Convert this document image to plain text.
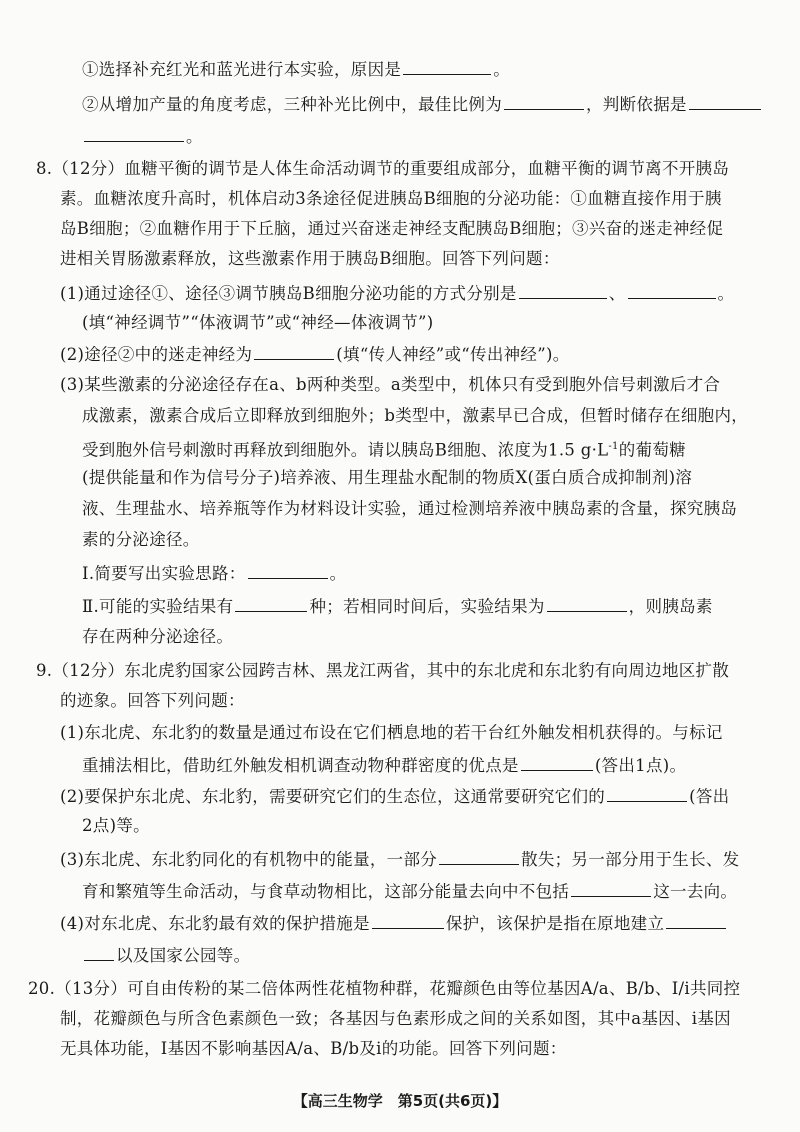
①选择补充红光和蓝光进行本实验，原因是	。
②从增加产量的角度考虑，三种补光比例中，最佳比例为	，判断依据是
。
8.（12分）血糖平衡的调节是人体生命活动调节的重要组成部分，血糖平衡的调节离不开胰岛
素。血糖浓度升高时，机体启动3条途径促进胰岛B细胞的分泌功能：①血糖直接作用于胰
岛B细胞；②血糖作用于下丘脑，通过兴奋迷走神经支配胰岛B细胞；③兴奋的迷走神经促
进相关胃肠激素释放，这些激素作用于胰岛B细胞。回答下列问题：
(1)通过途径①、途径③调节胰岛B细胞分泌功能的方式分别是	、	。
(填“神经调节”“体液调节”或“神经—体液调节”)
(2)途径②中的迷走神经为	(填“传人神经”或“传出神经”)。
(3)某些激素的分泌途径存在a、b两种类型。a类型中，机体只有受到胞外信号刺激后才合
成激素，激素合成后立即释放到细胞外；b类型中，激素早已合成，但暂时储存在细胞内，
受到胞外信号刺激时再释放到细胞外。请以胰岛B细胞、浓度为1.5 $g\cdot L^{-1}$的葡萄糖
(提供能量和作为信号分子)培养液、用生理盐水配制的物质X(蛋白质合成抑制剂)溶
液、生理盐水、培养瓶等作为材料设计实验，通过检测培养液中胰岛素的含量，探究胰岛
素的分泌途径。
Ⅰ.简要写出实验思路：	。
Ⅱ.可能的实验结果有	种；若相同时间后，实验结果为	，则胰岛素
存在两种分泌途径。
9.（12分）东北虎豹国家公园跨吉林、黑龙江两省，其中的东北虎和东北豹有向周边地区扩散
的迹象。回答下列问题：
(1)东北虎、东北豹的数量是通过布设在它们栖息地的若干台红外触发相机获得的。与标记
重捕法相比，借助红外触发相机调查动物种群密度的优点是	(答出1点)。
(2)要保护东北虎、东北豹，需要研究它们的生态位，这通常要研究它们的	(答出
2点)等。
(3)东北虎、东北豹同化的有机物中的能量，一部分	散失；另一部分用于生长、发
育和繁殖等生命活动，与食草动物相比，这部分能量去向中不包括	这一去向。
(4)对东北虎、东北豹最有效的保护措施是	保护，该保护是指在原地建立
以及国家公园等。
20.（13分）可自由传粉的某二倍体两性花植物种群，花瓣颜色由等位基因A/a、B/b、I/i共同控
制，花瓣颜色与所含色素颜色一致；各基因与色素形成之间的关系如图，其中a基因、i基因
无具体功能，I基因不影响基因A/a、B/b及i的功能。回答下列问题：
【高三生物学　第5页(共6页)】
